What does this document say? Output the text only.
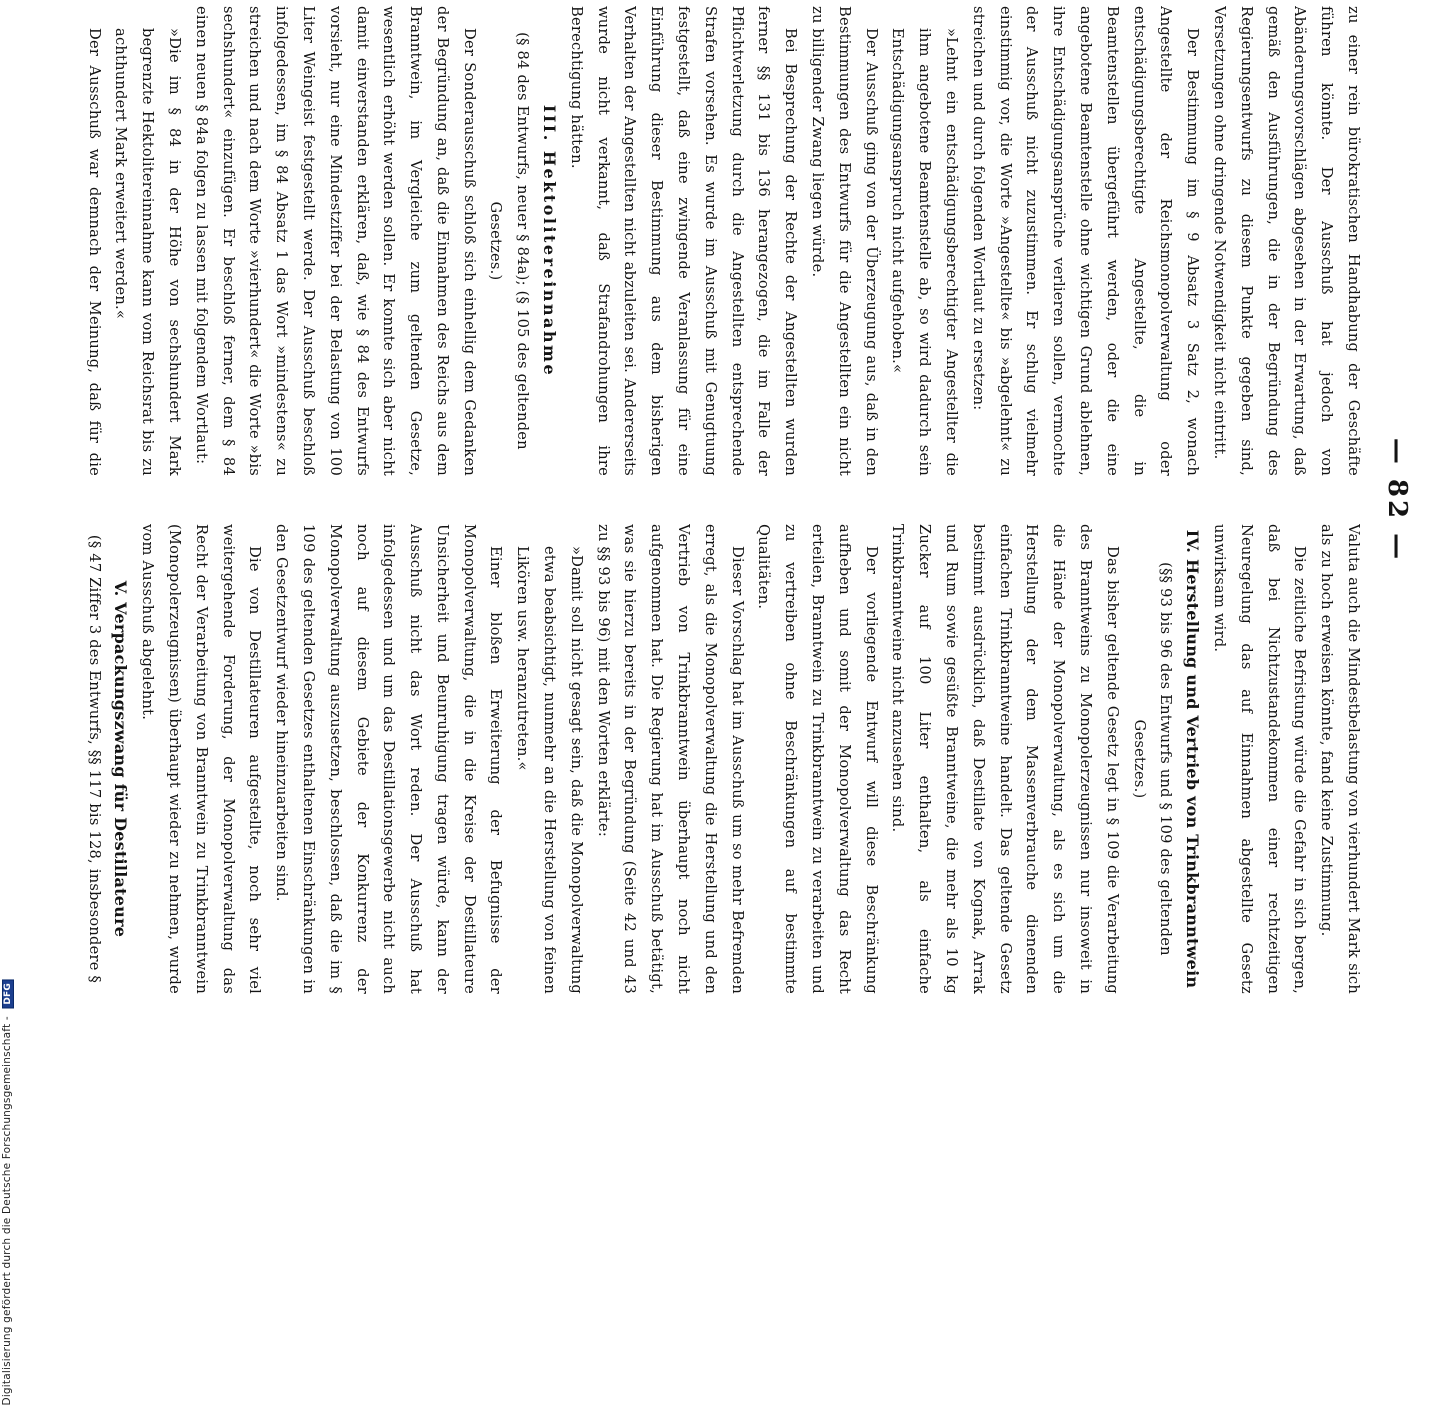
— 82 —

zu einer rein bürokratischen Handhabung der Geschäfte führen könnte. Der Ausschuß hat jedoch von Abänderungsvorschlägen abgesehen in der Erwartung, daß gemäß den Ausführungen, die in der Begründung des Regierungsentwurfs zu diesem Punkte gegeben sind, Versetzungen ohne dringende Notwendigkeit nicht eintritt.

Der Bestimmung im § 9 Absatz 3 Satz 2, wonach Angestellte der Reichsmonopolverwaltung oder entschädigungsberechtigte Angestellte, die in Beamtenstellen übergeführt werden, oder die eine angebotene Beamtenstelle ohne wichtigen Grund ablehnen, ihre Entschädigungsansprüche verlieren sollen, vermochte der Ausschuß nicht zuzustimmen. Er schlug vielmehr einstimmig vor, die Worte »Angestellte« bis »abgelehnt« zu streichen und durch folgenden Wortlaut zu ersetzen:

»Lehnt ein entschädigungsberechtigter Angestellter die ihm angebotene Beamtenstelle ab, so wird dadurch sein Entschädigungsanspruch nicht aufgehoben.«

Der Ausschuß ging von der Überzeugung aus, daß in den Bestimmungen des Entwurfs für die Angestellten ein nicht zu billigender Zwang liegen würde.

Bei Besprechung der Rechte der Angestellten wurden ferner §§ 131 bis 136 herangezogen, die im Falle der Pflichtverletzung durch die Angestellten entsprechende Strafen vorsehen. Es wurde im Ausschuß mit Genugtuung festgestellt, daß eine zwingende Veranlassung für eine Einführung dieser Bestimmung aus dem bisherigen Verhalten der Angestellten nicht abzuleiten sei. Andererseits wurde nicht verkannt, daß Strafandrohungen ihre Berechtigung hätten.

III. Hektolitereinnahme

(§ 84 des Entwurfs, neuer § 84a); (§ 105 des geltenden Gesetzes.)

Der Sonderausschuß schloß sich einhellig dem Gedanken der Begründung an, daß die Einnahmen des Reichs aus dem Branntwein, im Vergleiche zum geltenden Gesetze, wesentlich erhöht werden sollen. Er konnte sich aber nicht damit einverstanden erklären, daß, wie § 84 des Entwurfs vorsieht, nur eine Mindestziffer bei der Belastung von 100 Liter Weingeist festgestellt werde. Der Ausschuß beschloß infolgedessen, im § 84 Absatz 1 das Wort »mindestens« zu streichen und nach dem Worte »vierhundert« die Worte »bis sechshundert« einzufügen. Er beschloß ferner, dem § 84 einen neuen § 84a folgen zu lassen mit folgendem Wortlaut:

»Die im § 84 in der Höhe von sechshundert Mark begrenzte Hektolitereinnahme kann vom Reichsrat bis zu achthundert Mark erweitert werden.«

Der Ausschuß war demnach der Meinung, daß für die

Valuta auch die Mindestbelastung von vierhundert Mark sich als zu hoch erweisen könnte, fand keine Zustimmung.

Die zeitliche Befristung würde die Gefahr in sich bergen, daß bei Nichtzustandekommen einer rechtzeitigen Neuregelung das auf Einnahmen abgestellte Gesetz unwirksam wird.

IV. Herstellung und Vertrieb von Trinkbranntwein

(§§ 93 bis 96 des Entwurfs und § 109 des geltenden Gesetzes.)

Das bisher geltende Gesetz legt in § 109 die Verarbeitung des Branntweins zu Monopolerzeugnissen nur insoweit in die Hände der Monopolverwaltung, als es sich um die Herstellung der dem Massenverbrauche dienenden einfachen Trinkbranntweine handelt. Das geltende Gesetz bestimmt ausdrücklich, daß Destillate von Kognak, Arrak und Rum sowie gesüßte Branntweine, die mehr als 10 kg Zucker auf 100 Liter enthalten, als einfache Trinkbranntweine nicht anzusehen sind.

Der vorliegende Entwurf will diese Beschränkung aufheben und somit der Monopolverwaltung das Recht erteilen, Branntwein zu Trinkbranntwein zu verarbeiten und zu vertreiben ohne Beschränkungen auf bestimmte Qualitäten.

Dieser Vorschlag hat im Ausschuß um so mehr Befremden erregt, als die Monopolverwaltung die Herstellung und den Vertrieb von Trinkbranntwein überhaupt noch nicht aufgenommen hat. Die Regierung hat im Ausschuß betätigt, was sie hierzu bereits in der Begründung (Seite 42 und 43 zu §§ 93 bis 96) mit den Worten erklärte:

»Damit soll nicht gesagt sein, daß die Monopolverwaltung etwa beabsichtigt, nunmehr an die Herstellung von feinen Likören usw. heranzutreten.«

Einer bloßen Erweiterung der Befugnisse der Monopolverwaltung, die in die Kreise der Destillateure Unsicherheit und Beunruhigung tragen würde, kann der Ausschuß nicht das Wort reden. Der Ausschuß hat infolgedessen und um das Destillationsgewerbe nicht auch noch auf diesem Gebiete der Konkurrenz der Monopolverwaltung auszusetzen, beschlossen, daß die im § 109 des geltenden Gesetzes enthaltenen Einschränkungen in den Gesetzentwurf wieder hineinzuarbeiten sind.

Die von Destillateuren aufgestellte, noch sehr viel weitergehende Forderung, der Monopolverwaltung das Recht der Verarbeitung von Branntwein zu Trinkbranntwein (Monopolerzeugnissen) überhaupt wieder zu nehmen, wurde vom Ausschuß abgelehnt.

V. Verpackungszwang für Destillateure

(§ 47 Ziffer 3 des Entwurfs, §§ 117 bis 128, insbesondere §

Digitalisierung gefördert durch die Deutsche Forschungsgemeinschaft - DFG
